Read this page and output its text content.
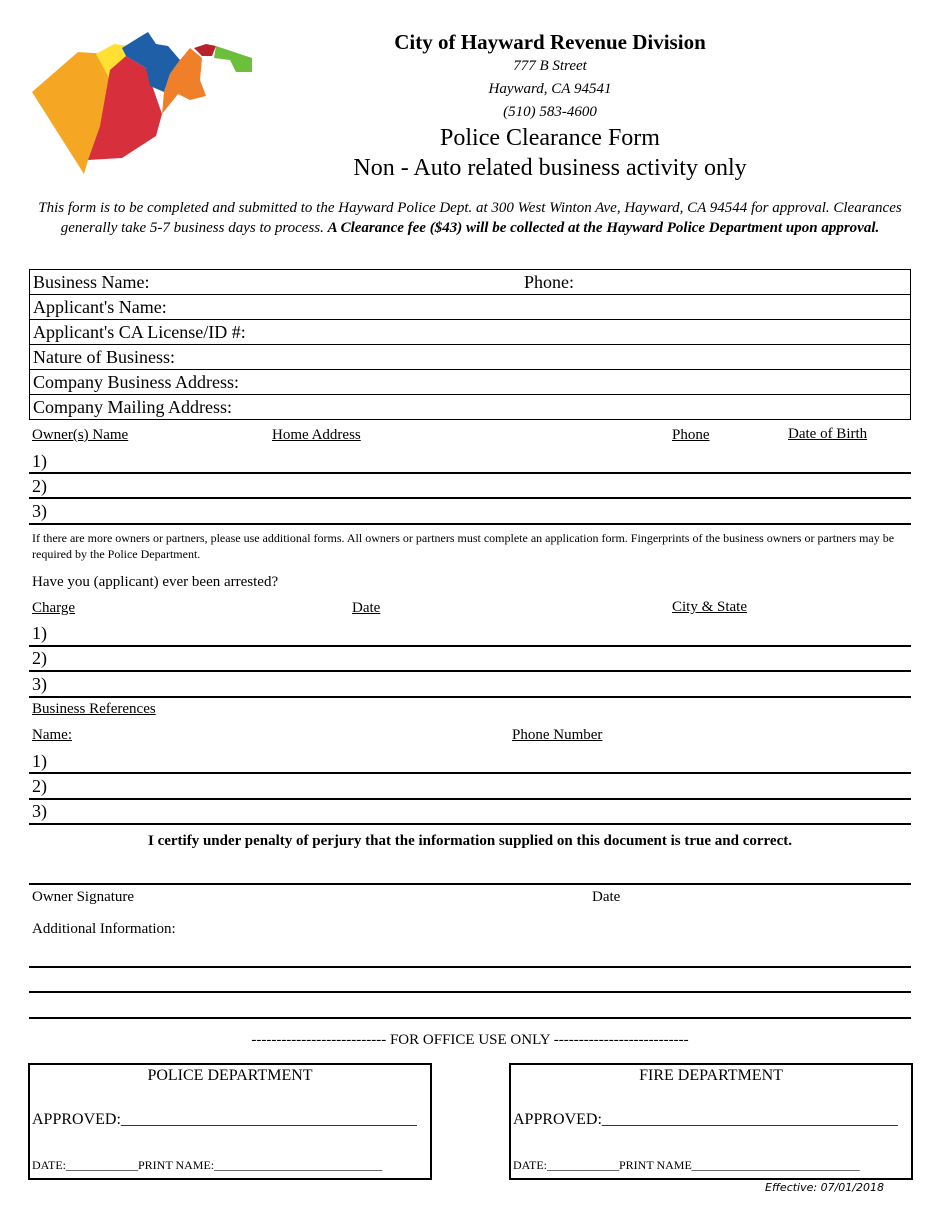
City of Hayward Revenue Division
777 B Street
Hayward, CA 94541
(510) 583-4600
Police Clearance Form
Non - Auto related business activity only
This form is to be completed and submitted to the Hayward Police Dept. at 300 West Winton Ave, Hayward, CA 94544 for approval. Clearances generally take 5-7 business days to process. A Clearance fee ($43) will be collected at the Hayward Police Department upon approval.
Business Name:	Phone:
Applicant's Name:
Applicant's CA License/ID #:
Nature of Business:
Company Business Address:
Company Mailing Address:
Owner(s) Name	Home Address	Phone	Date of Birth
1)
2)
3)
If there are more owners or partners, please use additional forms. All owners or partners must complete an application form. Fingerprints of the business owners or partners may be required by the Police Department.
Have you (applicant) ever been arrested?
Charge	Date	City & State
1)
2)
3)
Business References
Name:	Phone Number
1)
2)
3)
I certify under penalty of perjury that the information supplied on this document is true and correct.
Owner Signature	Date
Additional Information:
--------------------------- FOR OFFICE USE ONLY ---------------------------
POLICE DEPARTMENT
APPROVED:_____________________________________
DATE:____________PRINT NAME:____________________________
FIRE DEPARTMENT
APPROVED:_____________________________________
DATE:____________PRINT NAME____________________________
Effective: 07/01/2018
